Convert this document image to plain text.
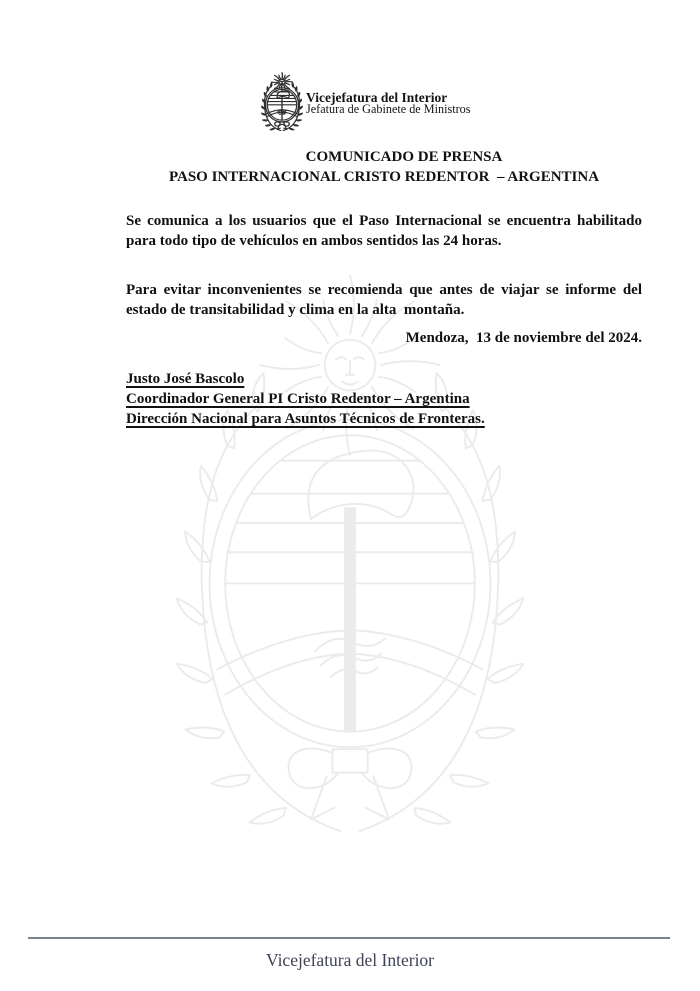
Vicejefatura del Interior
Jefatura de Gabinete de Ministros
COMUNICADO DE PRENSA
PASO INTERNACIONAL CRISTO REDENTOR  – ARGENTINA

Se comunica a los usuarios que el Paso Internacional se encuentra habilitado para todo tipo de vehículos en ambos sentidos las 24 horas.

Para evitar inconvenientes se recomienda que antes de viajar se informe del estado de transitabilidad y clima en la alta  montaña.

Mendoza,  13 de noviembre del 2024.
Justo José Bascolo
Coordinador General PI Cristo Redentor – Argentina
Dirección Nacional para Asuntos Técnicos de Fronteras.
Vicejefatura del Interior
